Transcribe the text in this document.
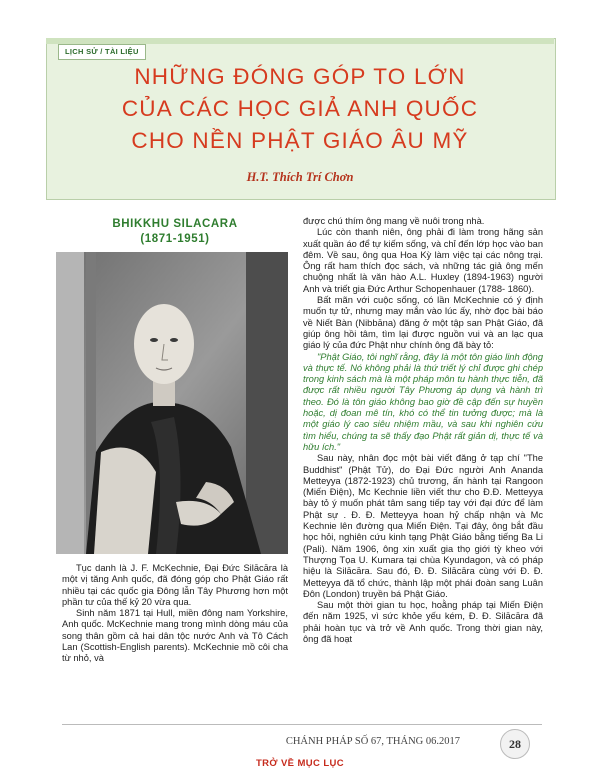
LỊCH SỬ / TÀI LIỆU
NHỮNG ĐÓNG GÓP TO LỚN
CỦA CÁC HỌC GIẢ ANH QUỐC
CHO NỀN PHẬT GIÁO ÂU MỸ
H.T. Thích Trí Chơn
BHIKKHU SILACARA
(1871-1951)

Tục danh là J. F. McKechnie, Đại Đức Silācāra là một vị tăng Anh quốc, đã đóng góp cho Phật Giáo rất nhiều tại các quốc gia Đông lẫn Tây Phương hơn một phần tư của thế kỷ 20 vừa qua.

Sinh năm 1871 tại Hull, miền đông nam Yorkshire, Anh quốc. McKechnie mang trong mình dòng máu của song thân gồm cả hai dân tộc nước Anh và Tô Cách Lan (Scottish-English parents). McKechnie mồ côi cha từ nhỏ, và

được chú thím ông mang về nuôi trong nhà.

Lúc còn thanh niên, ông phải đi làm trong hãng sản xuất quần áo để tự kiếm sống, và chỉ đến lớp học vào ban đêm. Về sau, ông qua Hoa Kỳ làm việc tại các nông trại. Ông rất ham thích đọc sách, và những tác giả ông mến chuộng nhất là văn hào A.L. Huxley (1894-1963) người Anh và triết gia Đức Arthur Schopenhauer (1788- 1860).

Bất mãn với cuộc sống, có lần McKechnie có ý định muốn tự tử, nhưng may mắn vào lúc ấy, nhờ đọc bài báo về Niết Bàn (Nibbāna) đăng ở một tập san Phật Giáo, đã giúp ông hồi tâm, tìm lại được nguồn vui và an lạc qua giáo lý của đức Phật như chính ông đã bày tỏ:

"Phật Giáo, tôi nghĩ rằng, đây là một tôn giáo linh động và thực tế. Nó không phải là thứ triết lý chỉ được ghi chép trong kinh sách mà là một pháp môn tu hành thực tiễn, đã được rất nhiều người Tây Phương áp dụng và hành trì theo. Đó là tôn giáo không bao giờ đề cập đến sự huyền hoặc, dị đoan mê tín, khó có thể tin tưởng được; mà là một giáo lý cao siêu nhiệm mầu, và sau khi nghiên cứu tìm hiểu, chúng ta sẽ thấy đạo Phật rất giản dị, thực tế và hữu ích."

Sau này, nhân đọc một bài viết đăng ở tạp chí "The Buddhist" (Phật Tử), do Đại Đức người Anh Ananda Metteyya (1872-1923) chủ trương, ấn hành tại Rangoon (Miến Điện), Mc Kechnie liền viết thư cho Đ.Đ. Metteyya bày tỏ ý muốn phát tâm sang tiếp tay với đại đức để làm Phật sự . Đ. Đ. Metteyya hoan hỷ chấp nhận và Mc Kechnie lên đường qua Miến Điện. Tại đây, ông bắt đầu học hỏi, nghiên cứu kinh tạng Phật Giáo bằng tiếng Ba Li (Pali). Năm 1906, ông xin xuất gia thọ giới tỳ kheo với Thượng Tọa U. Kumara tại chùa Kyundagon, và có pháp hiệu là Silācāra. Sau đó, Đ. Đ. Silācāra cùng với Đ. Đ. Metteyya đã tổ chức, thành lập một phái đoàn sang Luân Đôn (London) truyền bá Phật Giáo.

Sau một thời gian tu học, hoằng pháp tại Miến Điện đến năm 1925, vì sức khỏe yếu kém, Đ. Đ. Silācāra đã phải hoàn tục và trở về Anh quốc. Trong thời gian này, ông đã hoạt

CHÁNH PHÁP SỐ 67, THÁNG 06.2017	28
TRỞ VỀ MỤC LỤC
